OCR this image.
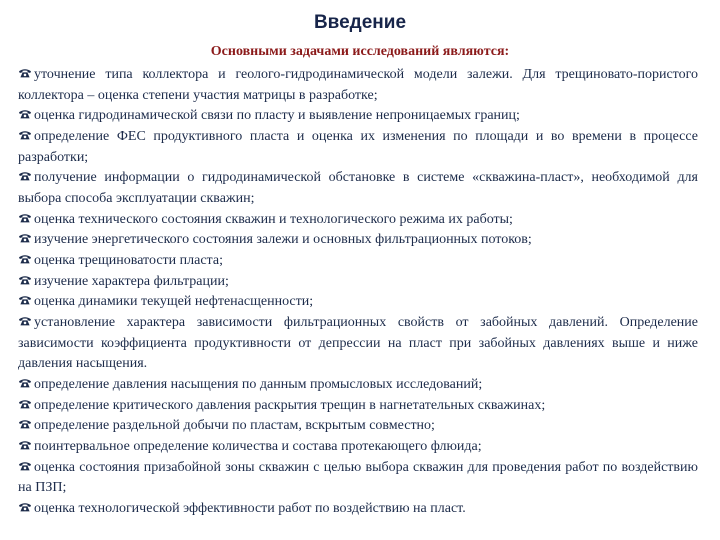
Введение

Основными задачами исследований являются:

уточнение типа коллектора и геолого-гидродинамической модели залежи. Для трещиновато-пористого коллектора – оценка степени участия матрицы в разработке;
оценка гидродинамической связи по пласту и выявление непроницаемых границ;
определение ФЕС продуктивного пласта и оценка их изменения по площади и во времени в процессе разработки;
получение информации о гидродинамической обстановке в системе «скважина-пласт», необходимой для выбора способа эксплуатации скважин;
оценка технического состояния скважин и технологического режима их работы;
изучение энергетического состояния залежи и основных фильтрационных потоков;
оценка трещиноватости пласта;
изучение характера фильтрации;
оценка динамики текущей нефтенасщенности;
установление характера зависимости фильтрационных свойств от забойных давлений. Определение зависимости коэффициента продуктивности от депрессии на пласт при забойных давлениях выше и ниже давления насыщения.
определение давления насыщения по данным промысловых исследований;
определение критического давления раскрытия трещин в нагнетательных скважинах;
определение раздельной добычи по пластам, вскрытым совместно;
поинтервальное определение количества и состава протекающего флюида;
оценка состояния призабойной зоны скважин с целью выбора скважин для проведения работ по воздействию на ПЗП;
оценка технологической эффективности работ по воздействию на пласт.
